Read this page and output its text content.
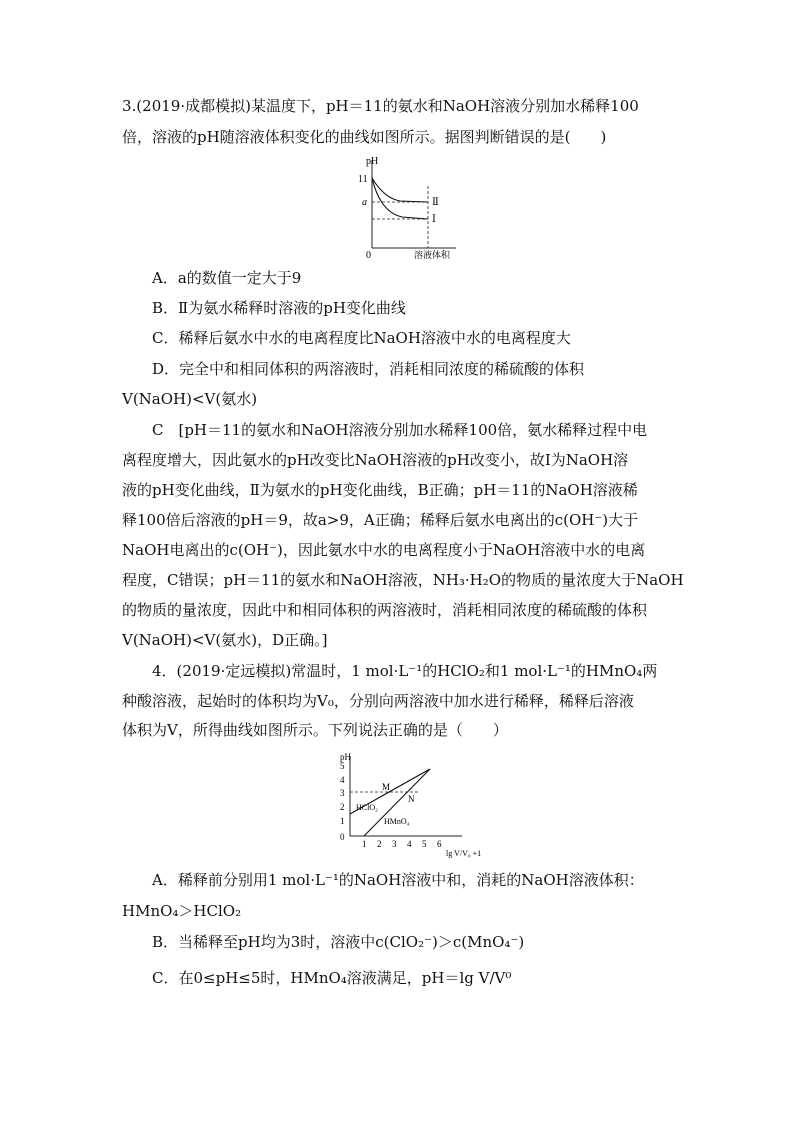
3.(2019·成都模拟)某温度下，pH＝11的氨水和NaOH溶液分别加水稀释100
倍，溶液的pH随溶液体积变化的曲线如图所示。据图判断错误的是(　　)
pH
11
a
0	溶液体积
Ⅱ
Ⅰ
A．a的数值一定大于9
B．Ⅱ为氨水稀释时溶液的pH变化曲线
C．稀释后氨水中水的电离程度比NaOH溶液中水的电离程度大
D．完全中和相同体积的两溶液时，消耗相同浓度的稀硫酸的体积
V(NaOH)<V(氨水)
C　[pH＝11的氨水和NaOH溶液分别加水稀释100倍，氨水稀释过程中电
离程度增大，因此氨水的pH改变比NaOH溶液的pH改变小，故Ⅰ为NaOH溶
液的pH变化曲线，Ⅱ为氨水的pH变化曲线，B正确；pH＝11的NaOH溶液稀
释100倍后溶液的pH＝9，故a>9，A正确；稀释后氨水电离出的c(OH⁻)大于
NaOH电离出的c(OH⁻)，因此氨水中水的电离程度小于NaOH溶液中水的电离
程度，C错误；pH＝11的氨水和NaOH溶液，NH₃·H₂O的物质的量浓度大于NaOH
的物质的量浓度，因此中和相同体积的两溶液时，消耗相同浓度的稀硫酸的体积
V(NaOH)<V(氨水)，D正确。]
4．(2019·定远模拟)常温时，1 mol·L⁻¹的HClO₂和1 mol·L⁻¹的HMnO₄两
种酸溶液，起始时的体积均为V₀，分别向两溶液中加水进行稀释，稀释后溶液
体积为V，所得曲线如图所示。下列说法正确的是（　　）
pH
5
4
3
2
1
0
1 2 3 4 5 6
lg V/V₀ +1
M
N
HClO₂
HMnO₄
A．稀释前分别用1 mol·L⁻¹的NaOH溶液中和，消耗的NaOH溶液体积：
HMnO₄＞HClO₂
B．当稀释至pH均为3时，溶液中c(ClO₂⁻)＞c(MnO₄⁻)
C．在0≤pH≤5时，HMnO₄溶液满足，pH＝lg V/V⁰
